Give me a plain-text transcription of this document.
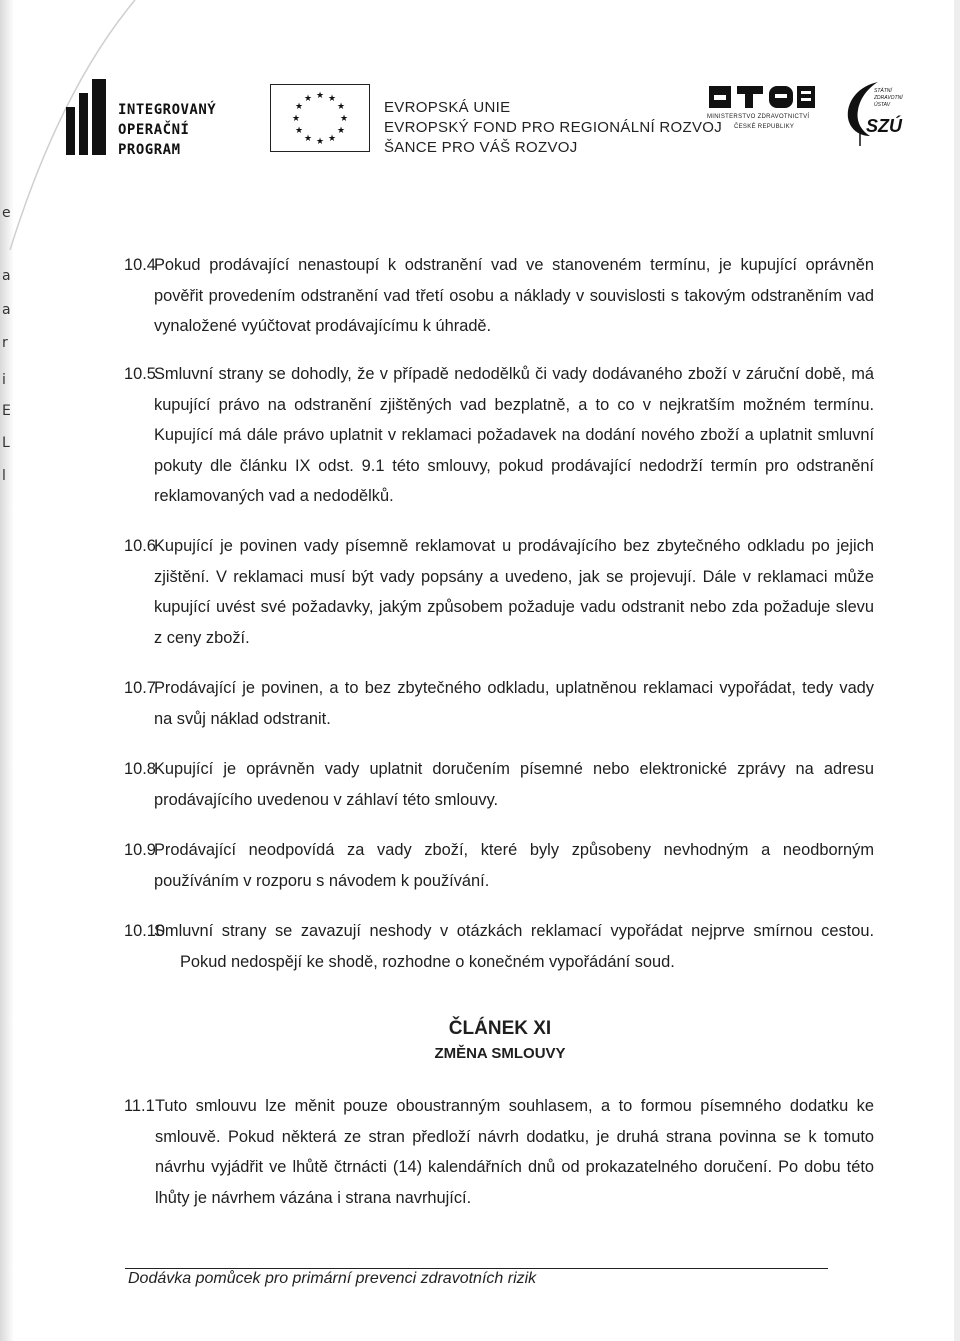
e
a
a
r
i
E
L
l
INTEGROVANÝ
OPERAČNÍ
PROGRAM
★ ★
★
★
★
★
★
★
★
★
★
★	EVROPSKÁ UNIE
EVROPSKÝ FOND PRO REGIONÁLNÍ ROZVOJ
ŠANCE PRO VÁŠ ROZVOJ
MINISTERSTVO ZDRAVOTNICTVÍ
ČESKÉ REPUBLIKY
STÁTNÍ
ZDRAVOTNÍ
ÚSTAV
SZÚ
10.4
Pokud prodávající nenastoupí k odstranění vad ve stanoveném termínu, je kupující oprávněn pověřit provedením odstranění vad třetí osobu a náklady v souvislosti s takovým odstraněním vad vynaložené vyúčtovat prodávajícímu k úhradě.
10.5
Smluvní strany se dohodly, že v případě nedodělků či vady dodávaného zboží v záruční době, má kupující právo na odstranění zjištěných vad bezplatně, a to co v nejkratším možném termínu. Kupující má dále právo uplatnit v reklamaci požadavek na dodání nového zboží a uplatnit smluvní pokuty dle článku IX odst. 9.1 této smlouvy, pokud prodávající nedodrží termín pro odstranění reklamovaných vad a nedodělků.
10.6
Kupující je povinen vady písemně reklamovat u prodávajícího bez zbytečného odkladu po jejich zjištění. V reklamaci musí být vady popsány a uvedeno, jak se projevují. Dále v reklamaci může kupující uvést své požadavky, jakým způsobem požaduje vadu odstranit nebo zda požaduje slevu z ceny zboží.
10.7
Prodávající je povinen, a to bez zbytečného odkladu, uplatněnou reklamaci vypořádat, tedy vady na svůj náklad odstranit.
10.8
Kupující je oprávněn vady uplatnit doručením písemné nebo elektronické zprávy na adresu prodávajícího uvedenou v záhlaví této smlouvy.
10.9
Prodávající neodpovídá za vady zboží, které byly způsobeny nevhodným a neodborným používáním v rozporu s návodem k používání.
10.10
Smluvní strany se zavazují neshody v otázkách reklamací vypořádat nejprve smírnou cestou. Pokud nedospějí ke shodě, rozhodne o konečném vypořádání soud.
ČLÁNEK XI
ZMĚNA SMLOUVY
11.1 Tuto smlouvu lze měnit pouze oboustranným souhlasem, a to formou písemného dodatku ke smlouvě. Pokud některá ze stran předloží návrh dodatku, je druhá strana povinna se k tomuto návrhu vyjádřit ve lhůtě čtrnácti (14) kalendářních dnů od prokazatelného doručení. Po dobu této lhůty je návrhem vázána i strana navrhující.
Dodávka pomůcek pro primární prevenci zdravotních rizik
